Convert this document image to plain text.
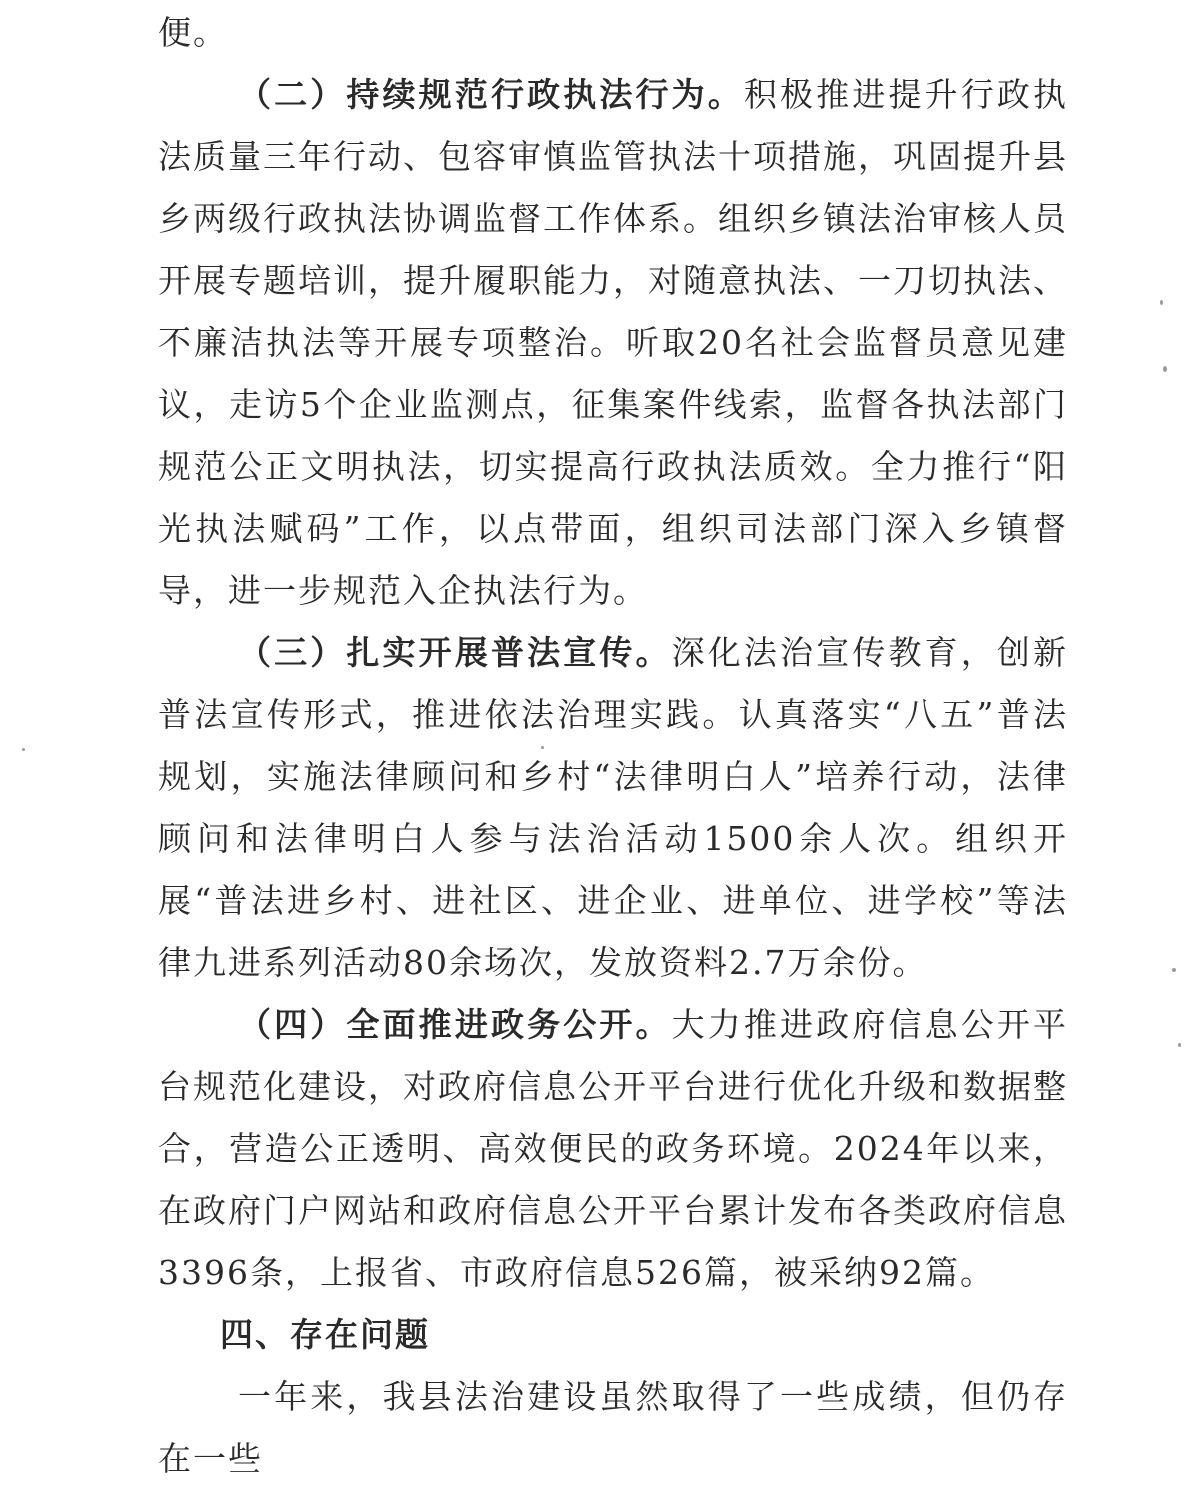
便。

（二）持续规范行政执法行为。积极推进提升行政执法质量三年行动、包容审慎监管执法十项措施，巩固提升县乡两级行政执法协调监督工作体系。组织乡镇法治审核人员开展专题培训，提升履职能力，对随意执法、一刀切执法、不廉洁执法等开展专项整治。听取20名社会监督员意见建议，走访5个企业监测点，征集案件线索，监督各执法部门规范公正文明执法，切实提高行政执法质效。全力推行“阳光执法赋码”工作，以点带面，组织司法部门深入乡镇督导，进一步规范入企执法行为。

（三）扎实开展普法宣传。深化法治宣传教育，创新普法宣传形式，推进依法治理实践。认真落实“八五”普法规划，实施法律顾问和乡村“法律明白人”培养行动，法律顾问和法律明白人参与法治活动1500余人次。组织开展“普法进乡村、进社区、进企业、进单位、进学校”等法律九进系列活动80余场次，发放资料2.7万余份。

（四）全面推进政务公开。大力推进政府信息公开平台规范化建设，对政府信息公开平台进行优化升级和数据整合，营造公正透明、高效便民的政务环境。2024年以来，在政府门户网站和政府信息公开平台累计发布各类政府信息3396条，上报省、市政府信息526篇，被采纳92篇。

四、存在问题

一年来，我县法治建设虽然取得了一些成绩，但仍存在一些
